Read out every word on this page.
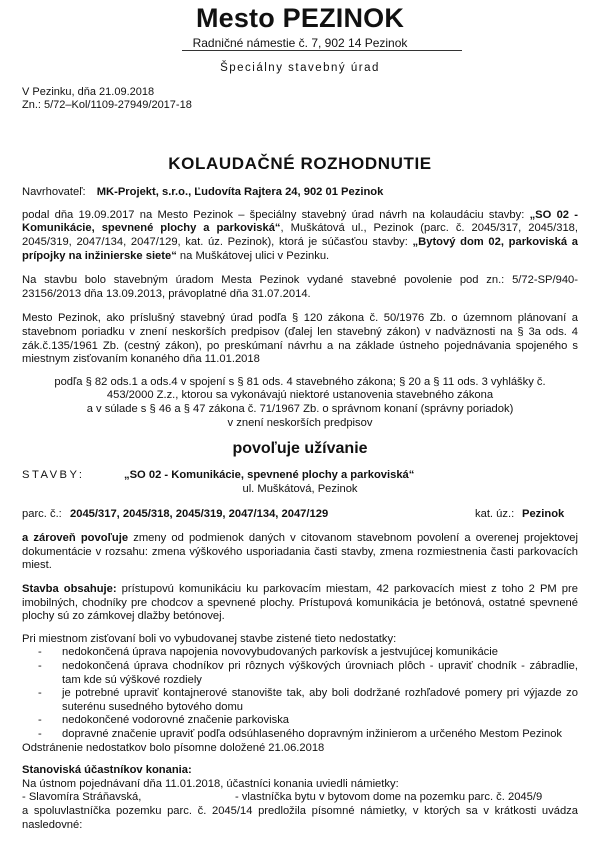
Mesto PEZINOK
Radničné námestie č. 7, 902 14 Pezinok
Špeciálny stavebný úrad
V Pezinku, dňa 21.09.2018
Zn.: 5/72–Kol/1109-27949/2017-18
KOLAUDAČNÉ ROZHODNUTIE
Navrhovateľ: MK-Projekt, s.r.o., Ľudovíta Rajtera 24, 902 01 Pezinok
podal dňa 19.09.2017 na Mesto Pezinok – špeciálny stavebný úrad návrh na kolaudáciu stavby: „SO 02 - Komunikácie, spevnené plochy a parkoviská“, Muškátová ul., Pezinok (parc. č. 2045/317, 2045/318, 2045/319, 2047/134, 2047/129, kat. úz. Pezinok), ktorá je súčasťou stavby: „Bytový dom 02, parkoviská a prípojky na inžinierske siete“ na Muškátovej ulici v Pezinku.
Na stavbu bolo stavebným úradom Mesta Pezinok vydané stavebné povolenie pod zn.: 5/72-SP/940-23156/2013 dňa 13.09.2013, právoplatné dňa 31.07.2014.
Mesto Pezinok, ako príslušný stavebný úrad podľa § 120 zákona č. 50/1976 Zb. o územnom plánovaní a stavebnom poriadku v znení neskorších predpisov (ďalej len stavebný zákon) v nadväznosti na § 3a ods. 4 zák.č.135/1961 Zb. (cestný zákon), po preskúmaní návrhu a na základe ústneho pojednávania spojeného s miestnym zisťovaním konaného dňa 11.01.2018
podľa § 82 ods.1 a ods.4 v spojení s § 81 ods. 4 stavebného zákona; § 20 a § 11 ods. 3 vyhlášky č.
453/2000 Z.z., ktorou sa vykonávajú niektoré ustanovenia stavebného zákona
a v súlade s § 46 a § 47 zákona č. 71/1967 Zb. o správnom konaní (správny poriadok)
v znení neskorších predpisov
povoľuje užívanie
STAVBY:	„SO 02 - Komunikácie, spevnené plochy a parkoviská“
ul. Muškátová, Pezinok
parc. č.: 2045/317, 2045/318, 2045/319, 2047/134, 2047/129	kat. úz.: Pezinok
a zároveň povoľuje zmeny od podmienok daných v citovanom stavebnom povolení a overenej projektovej dokumentácie v rozsahu: zmena výškového usporiadania časti stavby, zmena rozmiestnenia časti parkovacích miest.
Stavba obsahuje: prístupovú komunikáciu ku parkovacím miestam, 42 parkovacích miest z toho 2 PM pre imobilných, chodníky pre chodcov a spevnené plochy. Prístupová komunikácia je betónová, ostatné spevnené plochy sú zo zámkovej dlažby betónovej.
Pri miestnom zisťovaní boli vo vybudovanej stavbe zistené tieto nedostatky:
- nedokončená úprava napojenia novovybudovaných parkovísk a jestvujúcej komunikácie
- nedokončená úprava chodníkov pri rôznych výškových úrovniach plôch - upraviť chodník - zábradlie, tam kde sú výškové rozdiely
- je potrebné upraviť kontajnerové stanovište tak, aby boli dodržané rozhľadové pomery pri výjazde zo suterénu susedného bytového domu
- nedokončené vodorovné značenie parkoviska
- dopravné značenie upraviť podľa odsúhlaseného dopravným inžinierom a určeného Mestom Pezinok
Odstránenie nedostatkov bolo písomne doložené 21.06.2018
Stanoviská účastníkov konania:
Na ústnom pojednávaní dňa 11.01.2018, účastníci konania uviedli námietky:
- Slavomíra Stráňavská,	- vlastníčka bytu v bytovom dome na pozemku parc. č. 2045/9
a spoluvlastníčka pozemku parc. č. 2045/14 predložila písomné námietky, v ktorých sa v krátkosti uvádza nasledovné:
